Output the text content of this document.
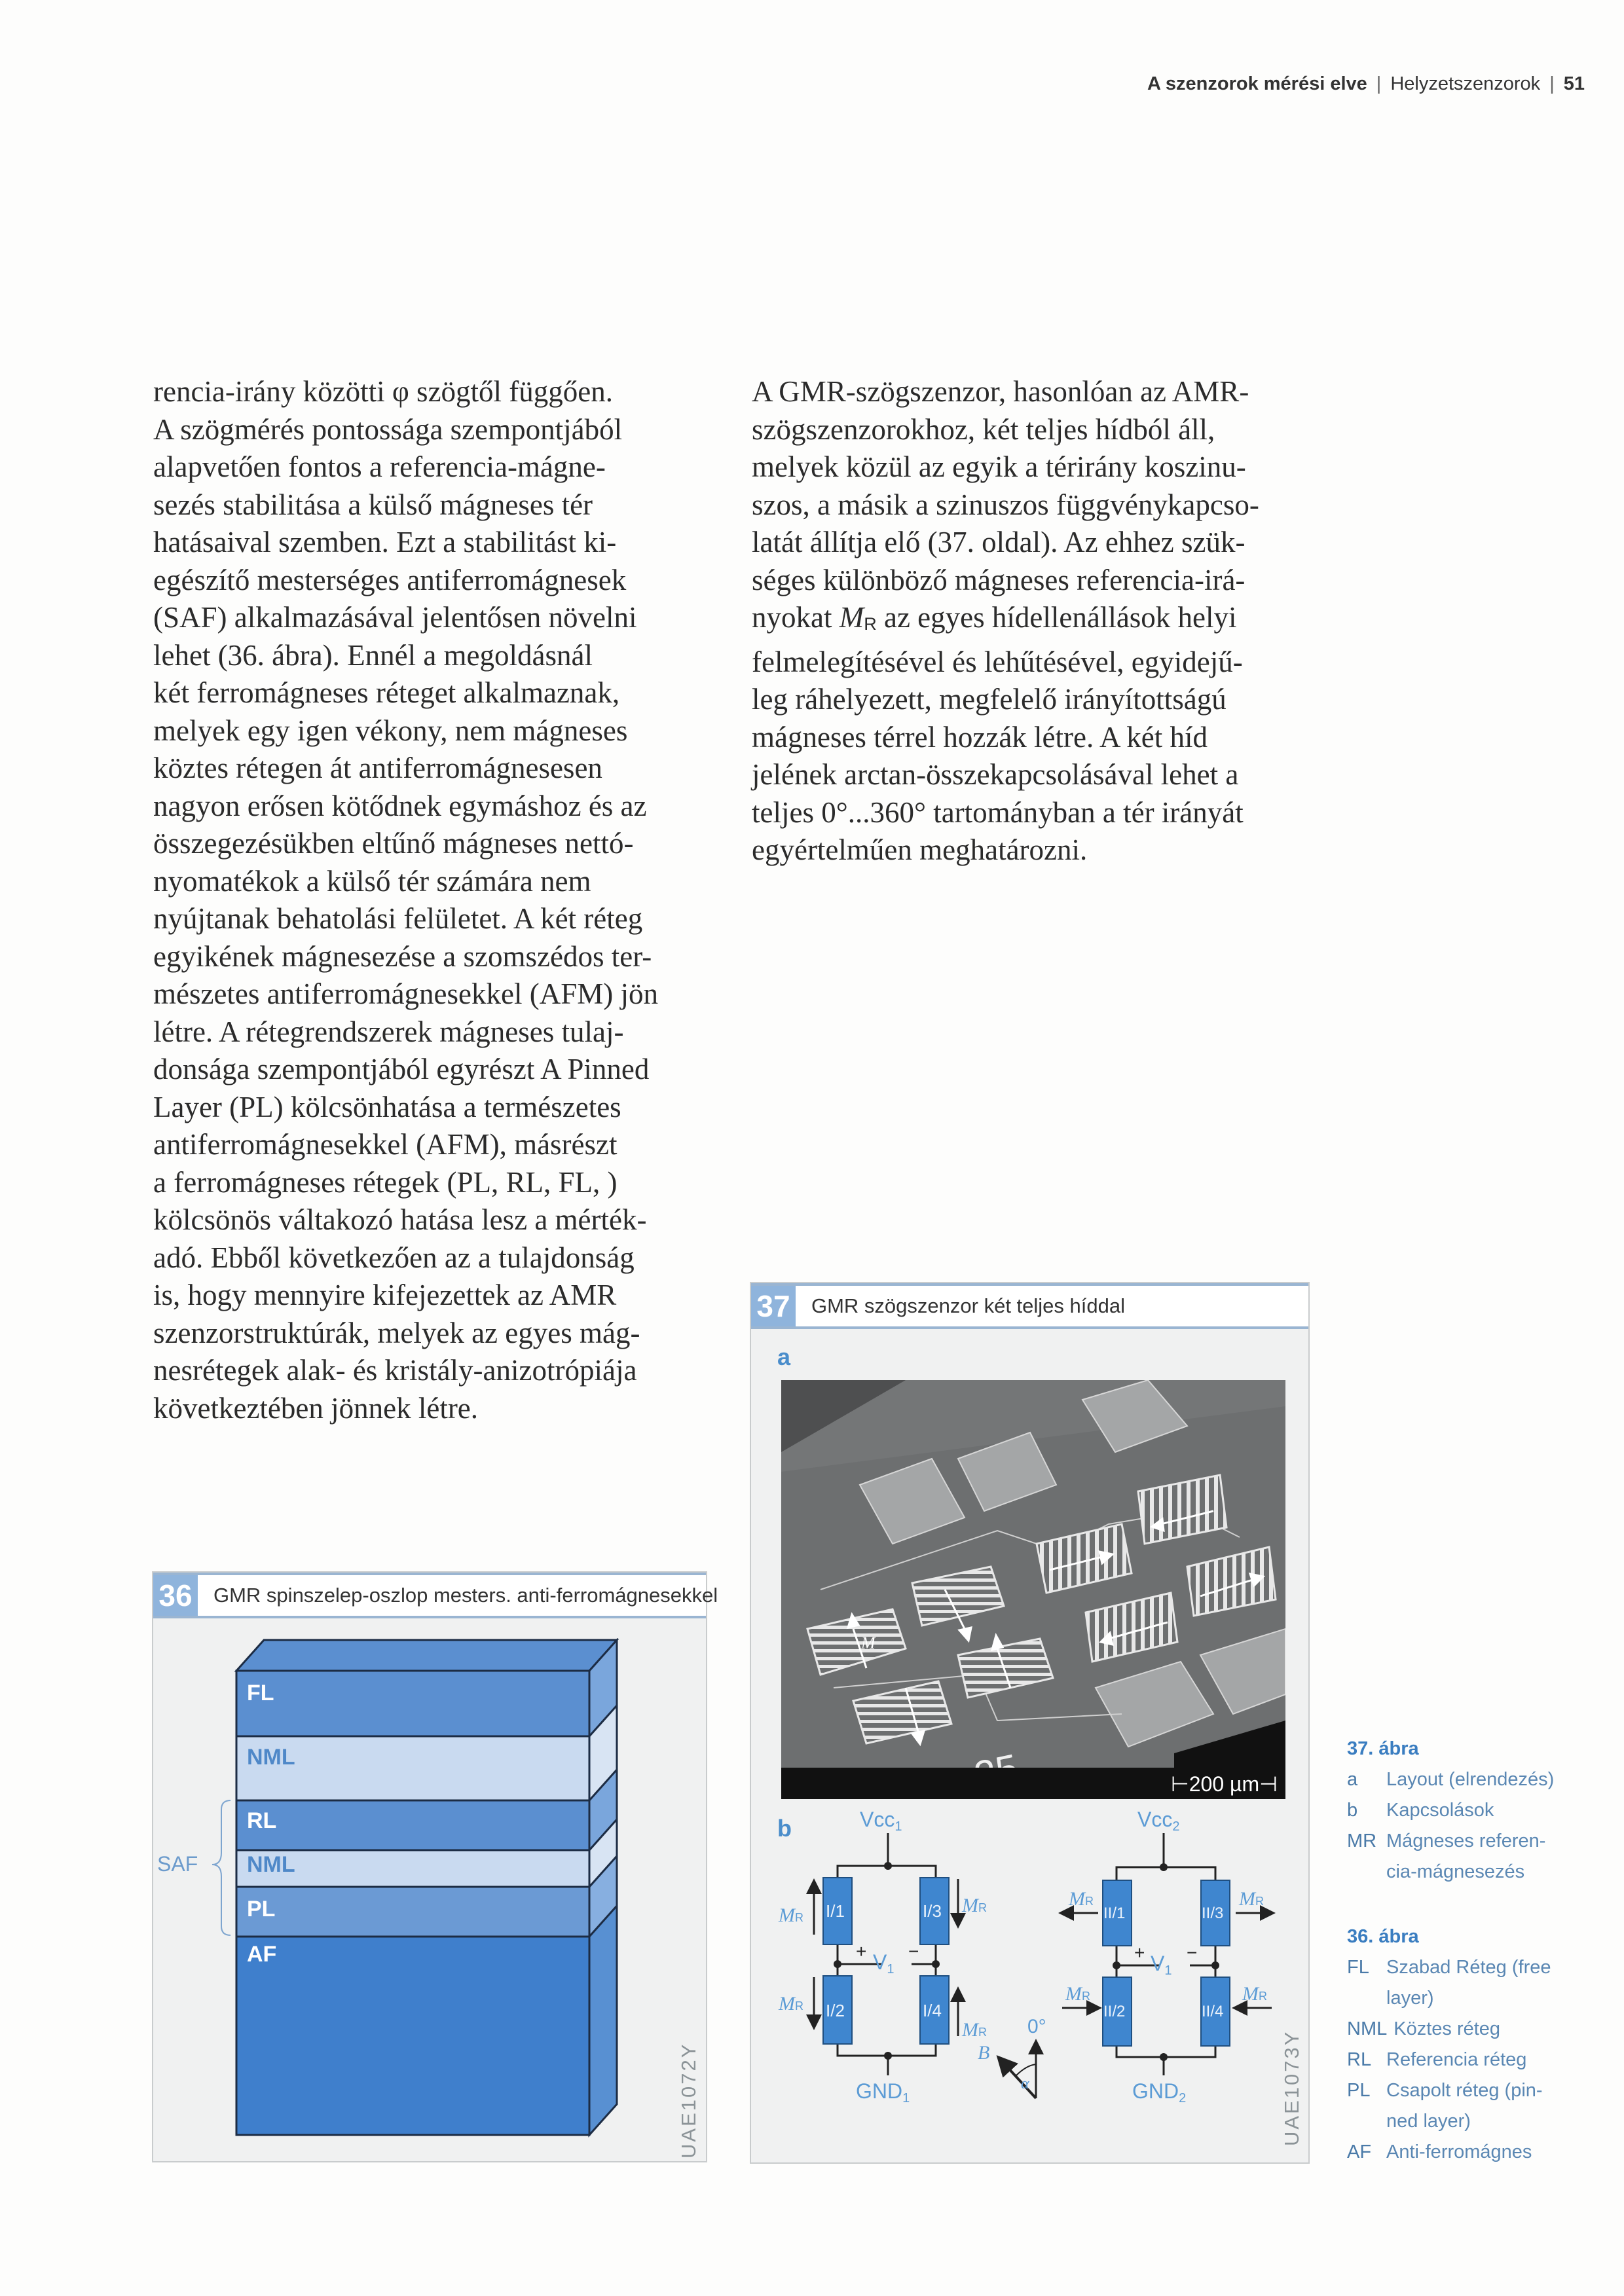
A szenzorok mérési elve | Helyzetszenzorok | 51

rencia-irány közötti φ szögtől függően.
A szögmérés pontossága szempontjából
alapvetően fontos a referencia-mágne-
sezés stabilitása a külső mágneses tér
hatásaival szemben. Ezt a stabilitást ki-
egészítő mesterséges antiferromágnesek
(SAF) alkalmazásával jelentősen növelni
lehet (36. ábra). Ennél a megoldásnál
két ferromágneses réteget alkalmaznak,
melyek egy igen vékony, nem mágneses
köztes rétegen át antiferromágnesesen
nagyon erősen kötődnek egymáshoz és az
összegezésükben eltűnő mágneses nettó-
nyomatékok a külső tér számára nem
nyújtanak behatolási felületet. A két réteg
egyikének mágnesezése a szomszédos ter-
mészetes antiferromágnesekkel (AFM) jön
létre. A rétegrendszerek mágneses tulaj-
donsága szempontjából egyrészt A Pinned
Layer (PL) kölcsönhatása a természetes
antiferromágnesekkel (AFM), másrészt
a ferromágneses rétegek (PL, RL, FL, )
kölcsönös váltakozó hatása lesz a mérték-
adó. Ebből következően az a tulajdonság
is, hogy mennyire kifejezettek az AMR
szenzorstruktúrák, melyek az egyes mág-
nesrétegek alak- és kristály-anizotrópiája
következtében jönnek létre.

A GMR-szögszenzor, hasonlóan az AMR-
szögszenzorokhoz, két teljes hídból áll,
melyek közül az egyik a térirány koszinu-
szos, a másik a szinuszos függvénykapcso-
latát állítja elő (37. oldal). Az ehhez szük-
séges különböző mágneses referencia-irá-
nyokat $M_R$ az egyes hídellenállások helyi
felmelegítésével és lehűtésével, egyidejű-
leg ráhelyezett, megfelelő irányítottságú
mágneses térrel hozzák létre. A két híd
jelének arctan-összekapcsolásával lehet a
teljes 0°...360° tartományban a tér irányát
egyértelműen meghatározni.

37 GMR szögszenzor két teljes híddal
a
M
⊢200 µm⊣
b
I/1
I/2
I/3
I/4
Vcc1
GND1
+ V1
−
MR
MR
MR
MR 0°
B
α
II/1
II/2
II/3
II/4
Vcc2
GND2
+ V1
−
MR	MR
MR	MR
UAE1073Y
36 GMR spinszelep-oszlop mesters. anti-ferromágnesekkel
FL
NML
RL
NML
PL
AF
SAF
UAE1072Y
37. ábra
a	Layout (elrendezés)
b	Kapcsolások
MR Mágneses referen-
cia-mágnesezés
36. ábra
FL Szabad Réteg (free
layer)
NML Köztes réteg
RL Referencia réteg
PL Csapolt réteg (pin-
ned layer)
AF Anti-ferromágnes
